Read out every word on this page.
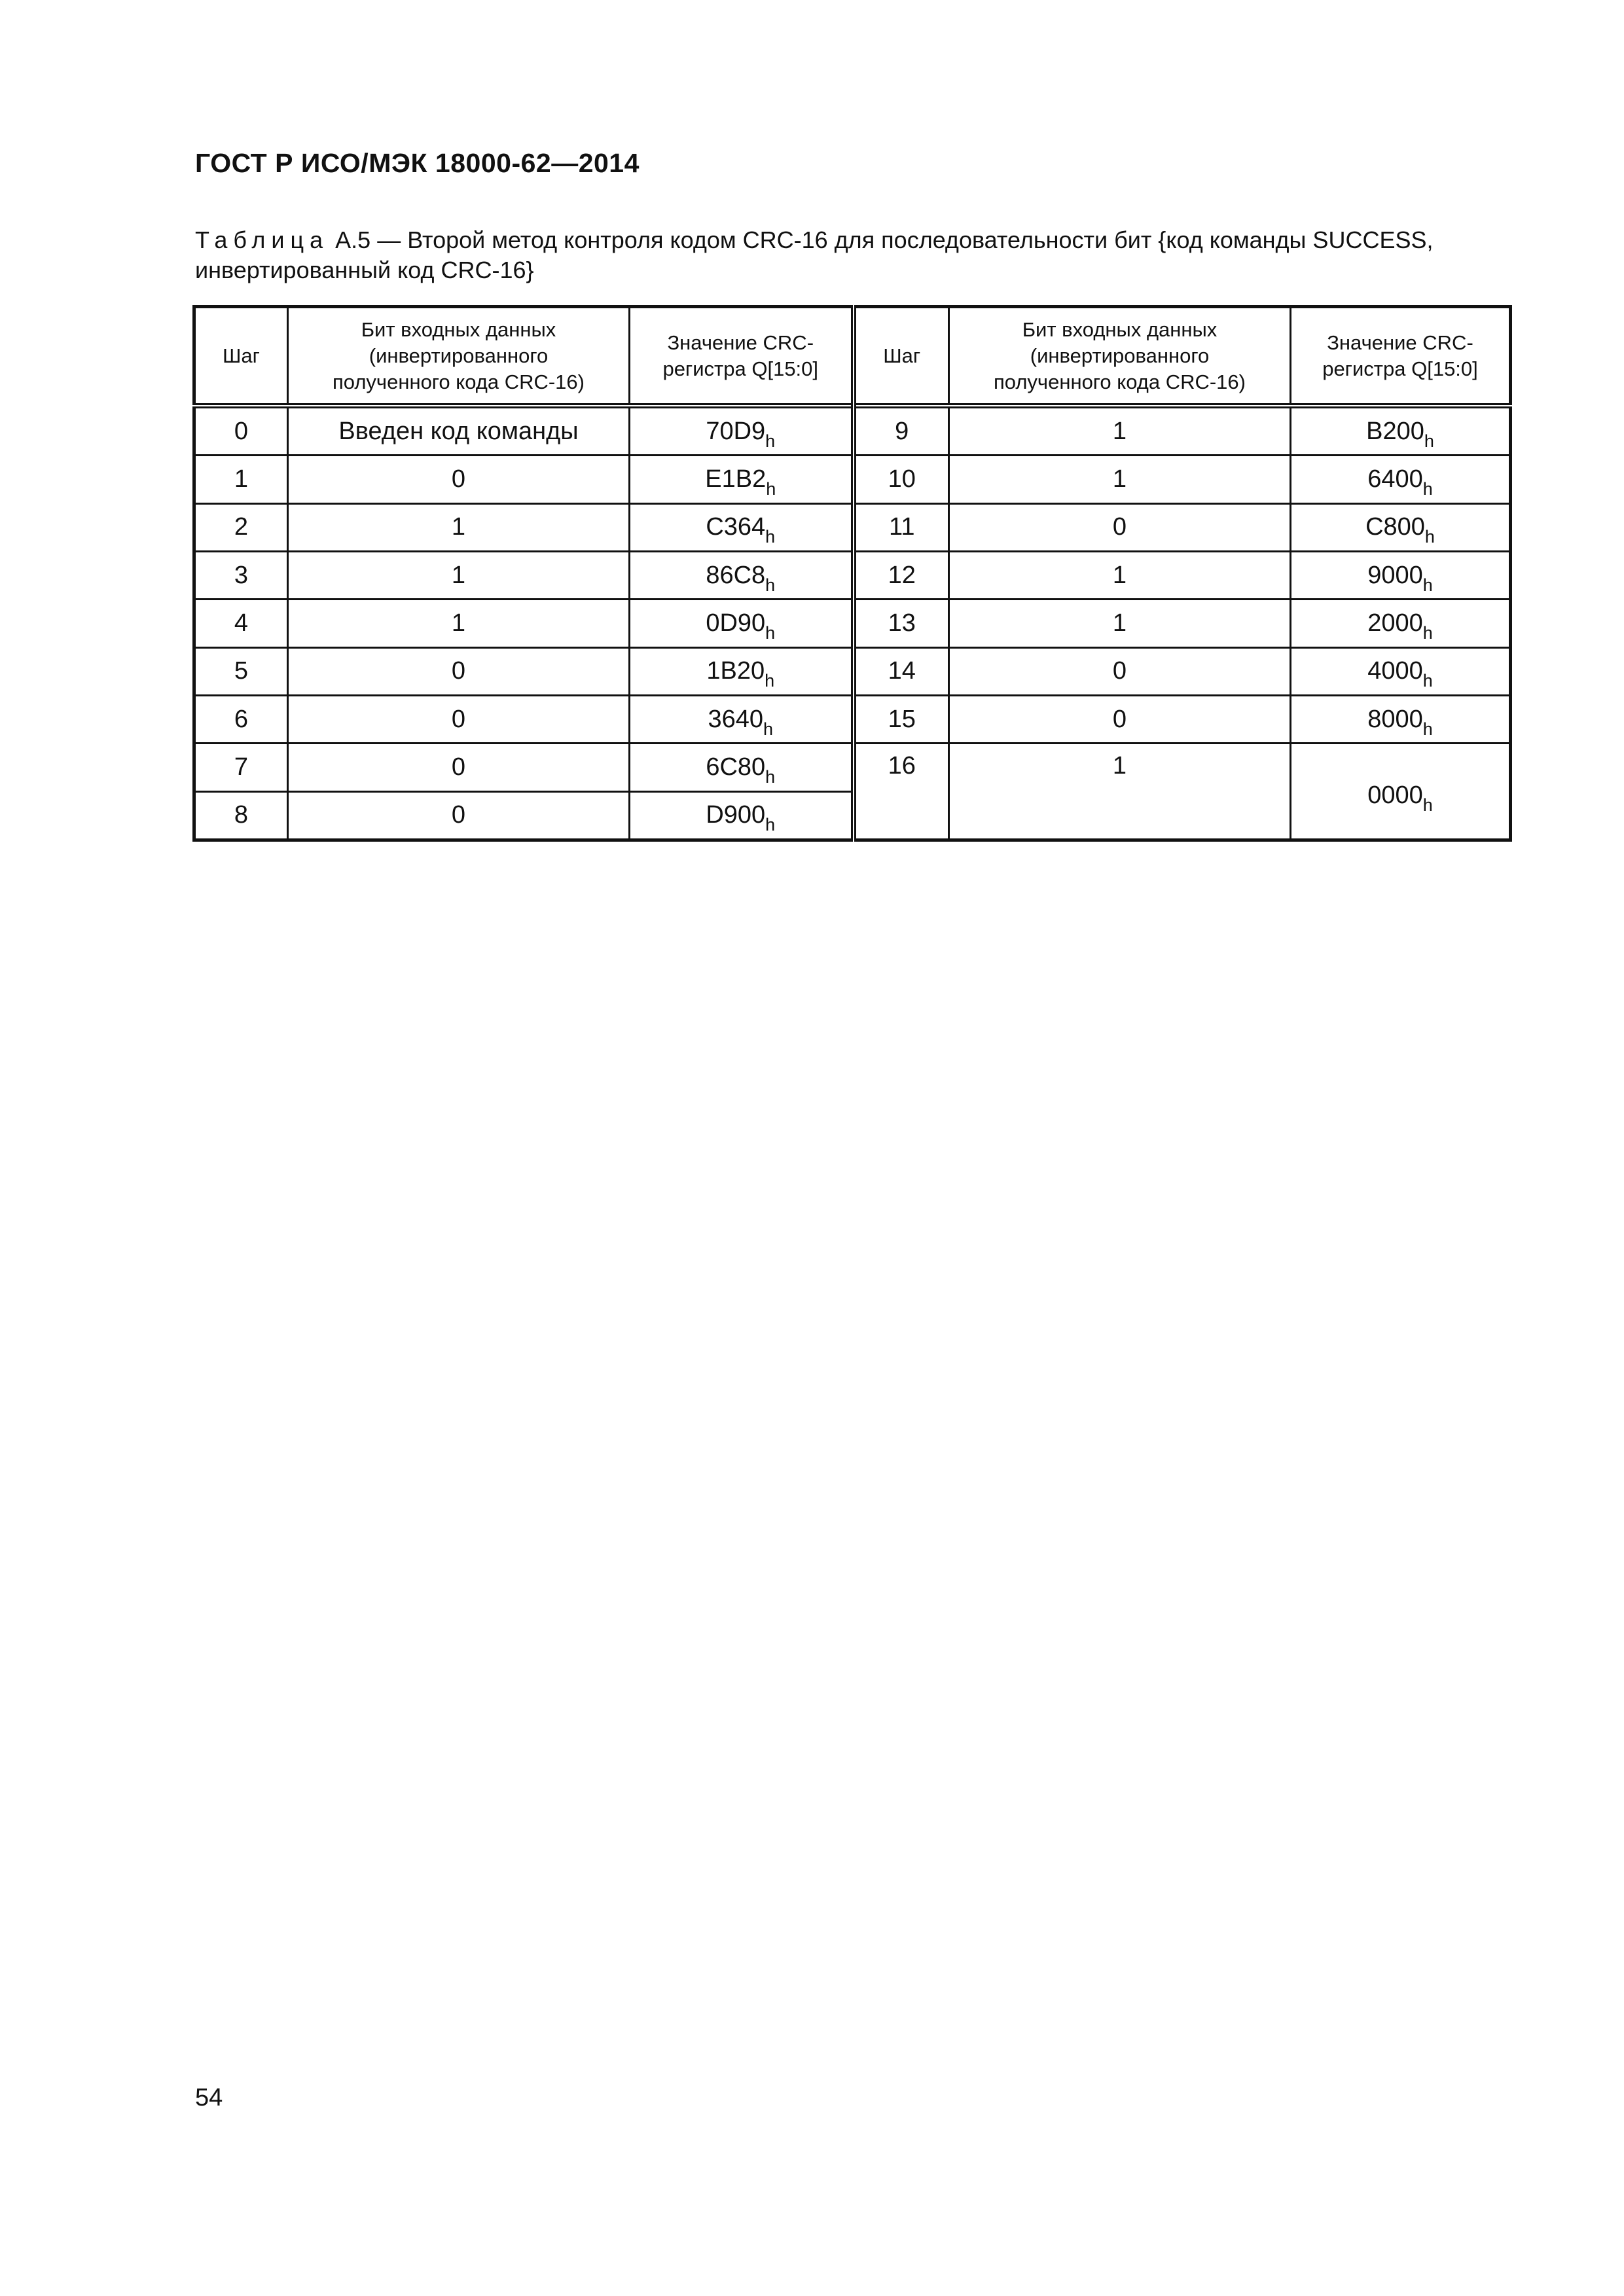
ГОСТ Р ИСО/МЭК 18000-62—2014
Таблица А.5 — Второй метод контроля кодом CRC-16 для последовательности бит {код команды SUCCESS,
инвертированный код CRC-16}
Шаг	Бит входных данных
(инвертированного
полученного кода CRC-16)	Значение CRC-
регистра Q[15:0]	Шаг	Бит входных данных
(инвертированного
полученного кода CRC-16)	Значение CRC-
регистра Q[15:0]
0	Введен код команды	$70D9_h$	9	1	$B200_h$
1	0	$E1B2_h$	10	1	$6400_h$
2	1	$C364_h$	11	0	$C800_h$
3	1	$86C8_h$	12	1	$9000_h$
4	1	$0D90_h$	13	1	$2000_h$
5	0	$1B20_h$	14	0	$4000_h$
6	0	$3640_h$	15	0	$8000_h$
7	0	$6C80_h$	16	1	$0000_h$
8	0	$D900_h$
54
